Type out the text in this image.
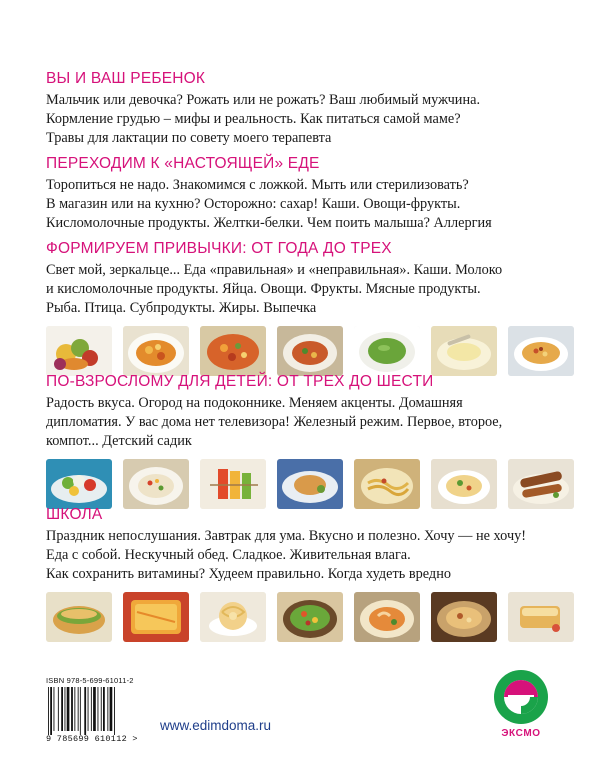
ВЫ И ВАШ РЕБЕНОК
Мальчик или девочка? Рожать или не рожать? Ваш любимый мужчина.
Кормление грудью – мифы и реальность. Как питаться самой маме?
Травы для лактации по совету моего терапевта
ПЕРЕХОДИМ К «НАСТОЯЩЕЙ» ЕДЕ
Торопиться не надо. Знакомимся с ложкой. Мыть или стерилизовать?
В магазин или на кухню? Осторожно: сахар! Каши. Овощи-фрукты.
Кисломолочные продукты. Желтки-белки. Чем поить малыша? Аллергия
ФОРМИРУЕМ ПРИВЫЧКИ: ОТ ГОДА ДО ТРЕХ
Свет мой, зеркальце... Еда «правильная» и «неправильная». Каши. Молоко
и кисломолочные продукты. Яйца. Овощи. Фрукты. Мясные продукты.
Рыба. Птица. Субпродукты. Жиры. Выпечка
ПО-ВЗРОСЛОМУ ДЛЯ ДЕТЕЙ: ОТ ТРЕХ ДО ШЕСТИ
Радость вкуса. Огород на подоконнике. Меняем акценты. Домашняя
дипломатия. У вас дома нет телевизора! Железный режим. Первое, второе,
компот... Детский садик
ШКОЛА
Праздник непослушания. Завтрак для ума. Вкусно и полезно. Хочу — не хочу!
Еда с собой. Нескучный обед. Сладкое. Живительная влага.
Как сохранить витамины? Худеем правильно. Когда худеть вредно
ISBN 978-5-699-61011-2
9 785699 610112 >
www.edimdoma.ru
ЭКСМО
